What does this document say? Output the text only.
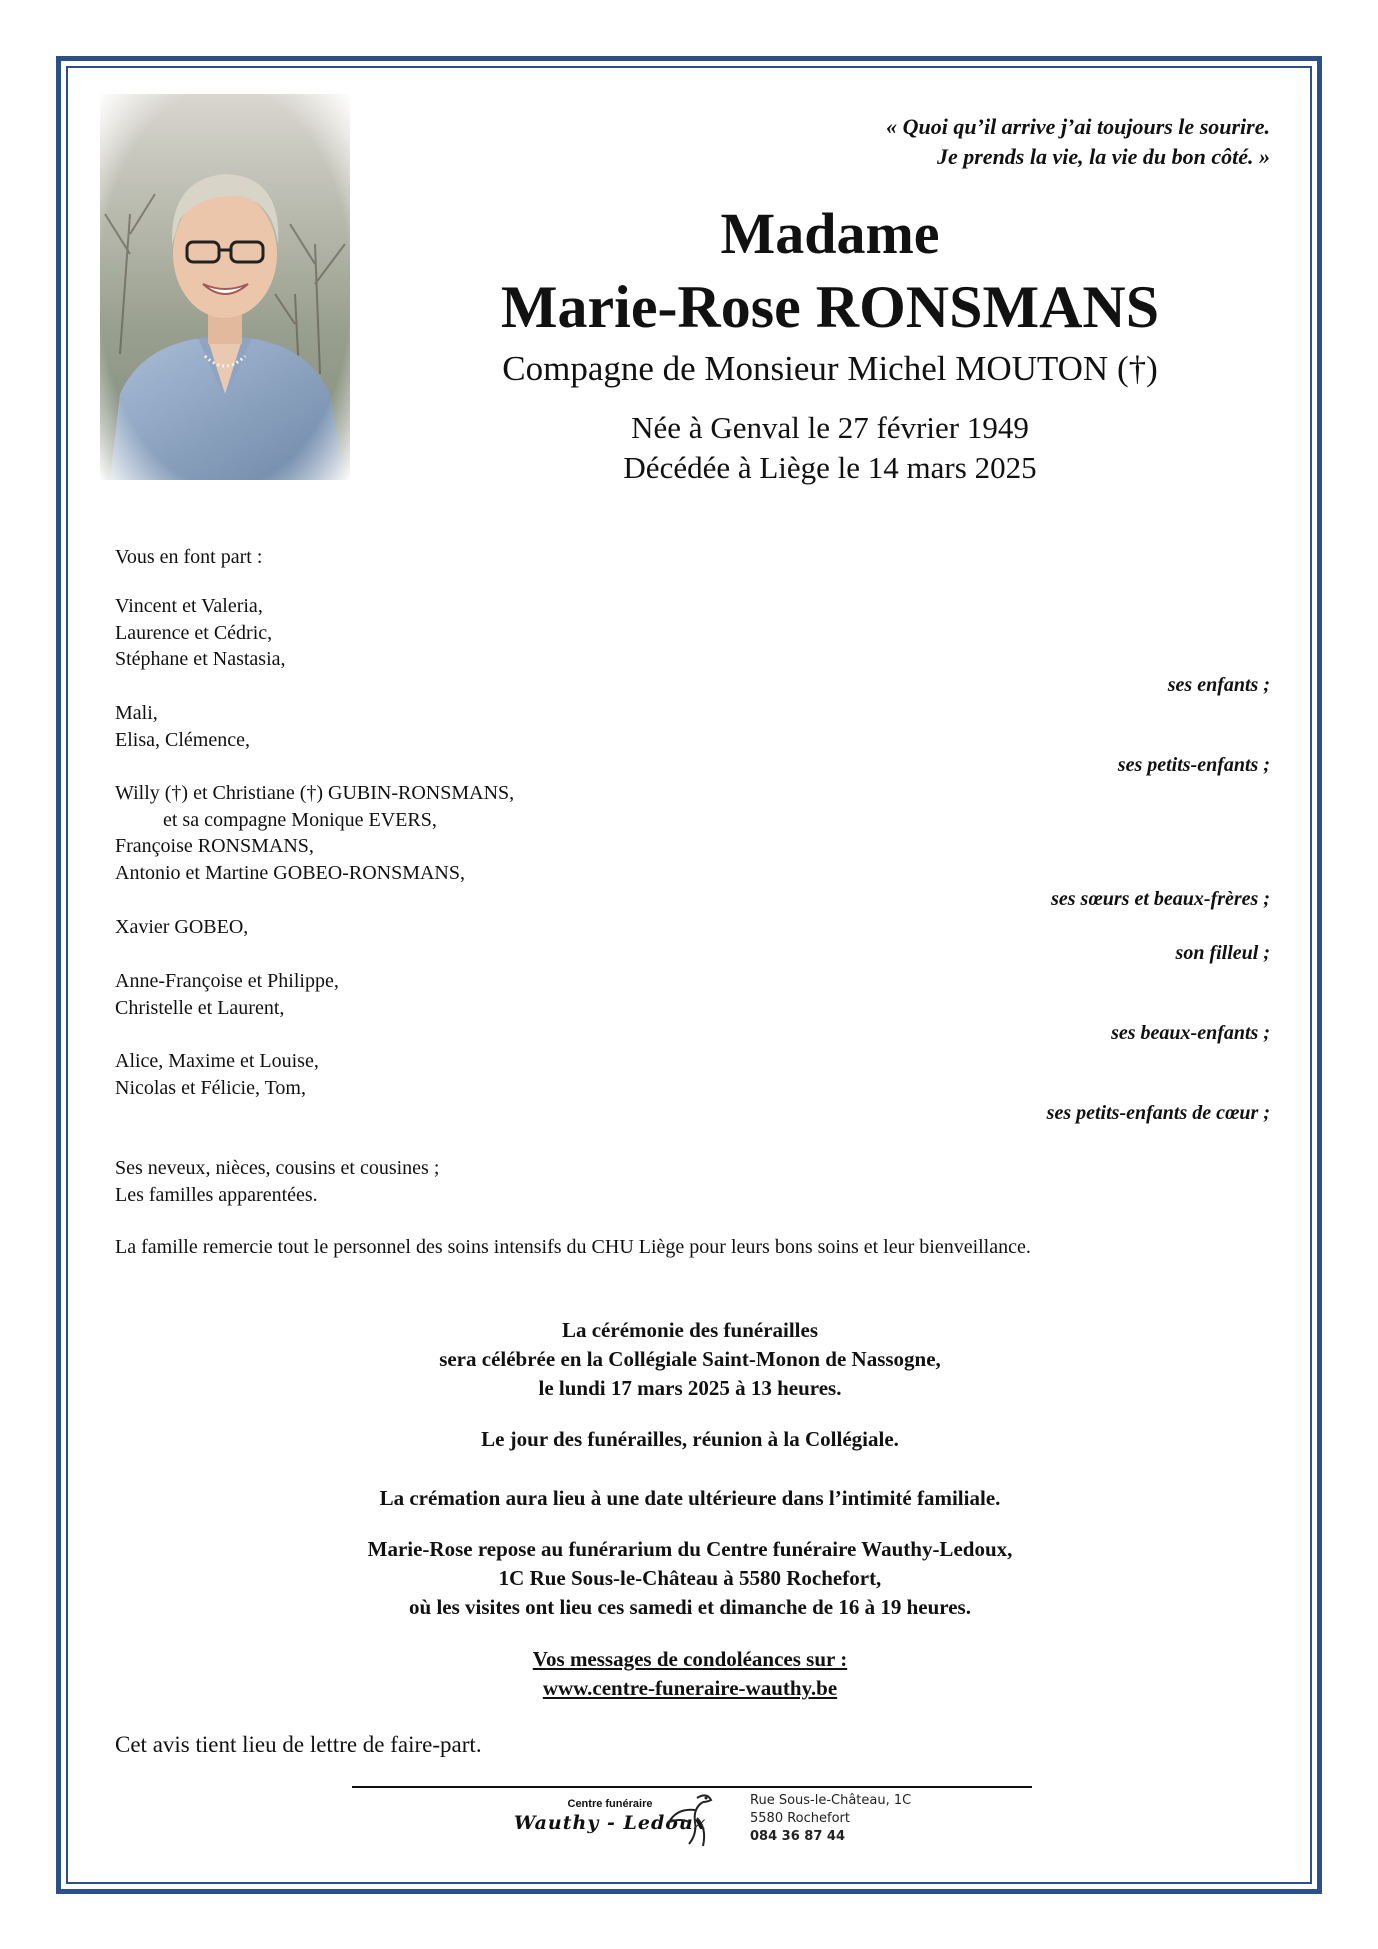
« Quoi qu’il arrive j’ai toujours le sourire.
Je prends la vie, la vie du bon côté. »
Madame
Marie-Rose RONSMANS
Compagne de Monsieur Michel MOUTON (†)
Née à Genval le 27 février 1949
Décédée à Liège le 14 mars 2025
Vous en font part :
Vincent et Valeria,
Laurence et Cédric,
Stéphane et Nastasia,
ses enfants ;
Mali,
Elisa, Clémence,
ses petits-enfants ;
Willy (†) et Christiane (†) GUBIN-RONSMANS,
et sa compagne Monique EVERS,
Françoise RONSMANS,
Antonio et Martine GOBEO-RONSMANS,
ses sœurs et beaux-frères ;
Xavier GOBEO,
son filleul ;
Anne-Françoise et Philippe,
Christelle et Laurent,
ses beaux-enfants ;
Alice, Maxime et Louise,
Nicolas et Félicie, Tom,
ses petits-enfants de cœur ;
Ses neveux, nièces, cousins et cousines ;
Les familles apparentées.
La famille remercie tout le personnel des soins intensifs du CHU Liège pour leurs bons soins et leur bienveillance.
La cérémonie des funérailles
sera célébrée en la Collégiale Saint-Monon de Nassogne,
le lundi 17 mars 2025 à 13 heures.
Le jour des funérailles, réunion à la Collégiale.
La crémation aura lieu à une date ultérieure dans l’intimité familiale.
Marie-Rose repose au funérarium du Centre funéraire Wauthy-Ledoux,
1C Rue Sous-le-Château à 5580 Rochefort,
où les visites ont lieu ces samedi et dimanche de 16 à 19 heures.
Vos messages de condoléances sur :
www.centre-funeraire-wauthy.be
Cet avis tient lieu de lettre de faire-part.
Centre funéraire
Wauthy - Ledoux
Rue Sous-le-Château, 1C
5580 Rochefort
084 36 87 44
